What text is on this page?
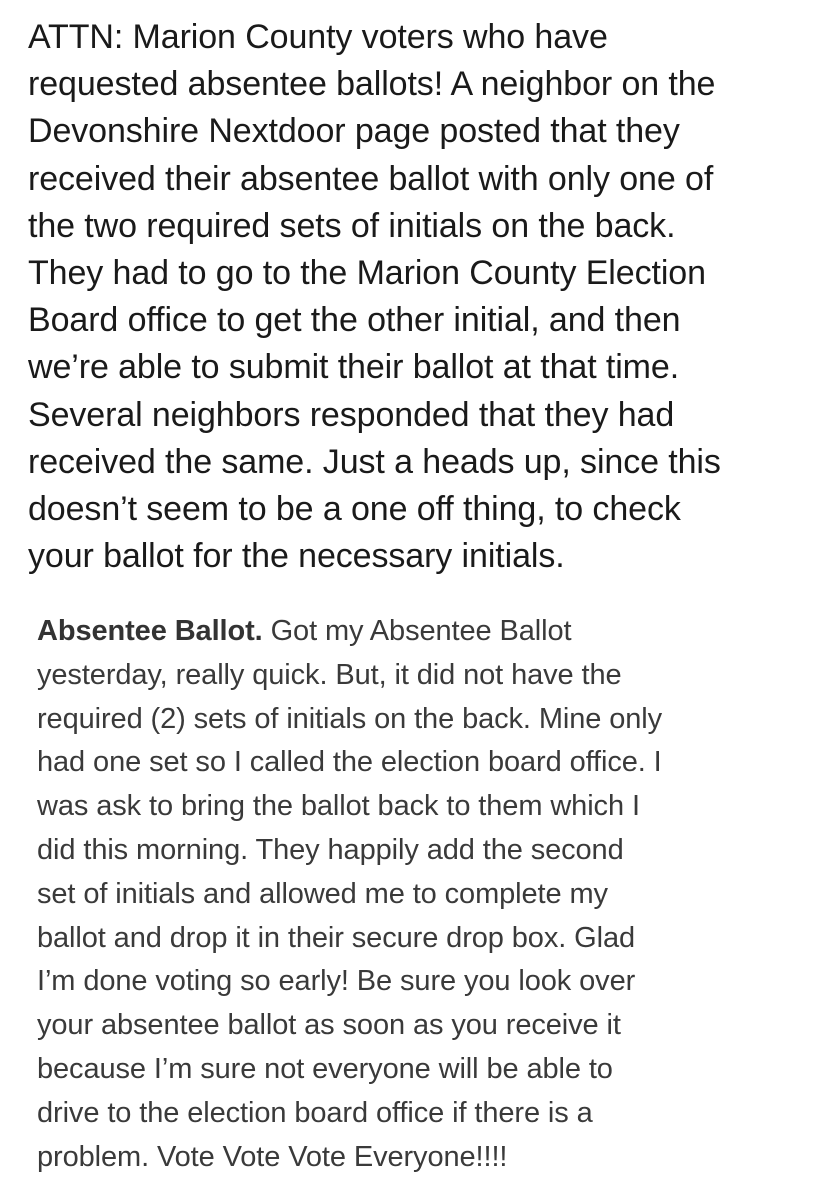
ATTN: Marion County voters who have
requested absentee ballots! A neighbor on the
Devonshire Nextdoor page posted that they
received their absentee ballot with only one of
the two required sets of initials on the back.
They had to go to the Marion County Election
Board office to get the other initial, and then
we’re able to submit their ballot at that time.
Several neighbors responded that they had
received the same. Just a heads up, since this
doesn’t seem to be a one off thing, to check
your ballot for the necessary initials.
Absentee Ballot. Got my Absentee Ballot
yesterday, really quick. But, it did not have the
required (2) sets of initials on the back. Mine only
had one set so I called the election board office. I
was ask to bring the ballot back to them which I
did this morning. They happily add the second
set of initials and allowed me to complete my
ballot and drop it in their secure drop box. Glad
I’m done voting so early! Be sure you look over
your absentee ballot as soon as you receive it
because I’m sure not everyone will be able to
drive to the election board office if there is a
problem. Vote Vote Vote Everyone!!!!
